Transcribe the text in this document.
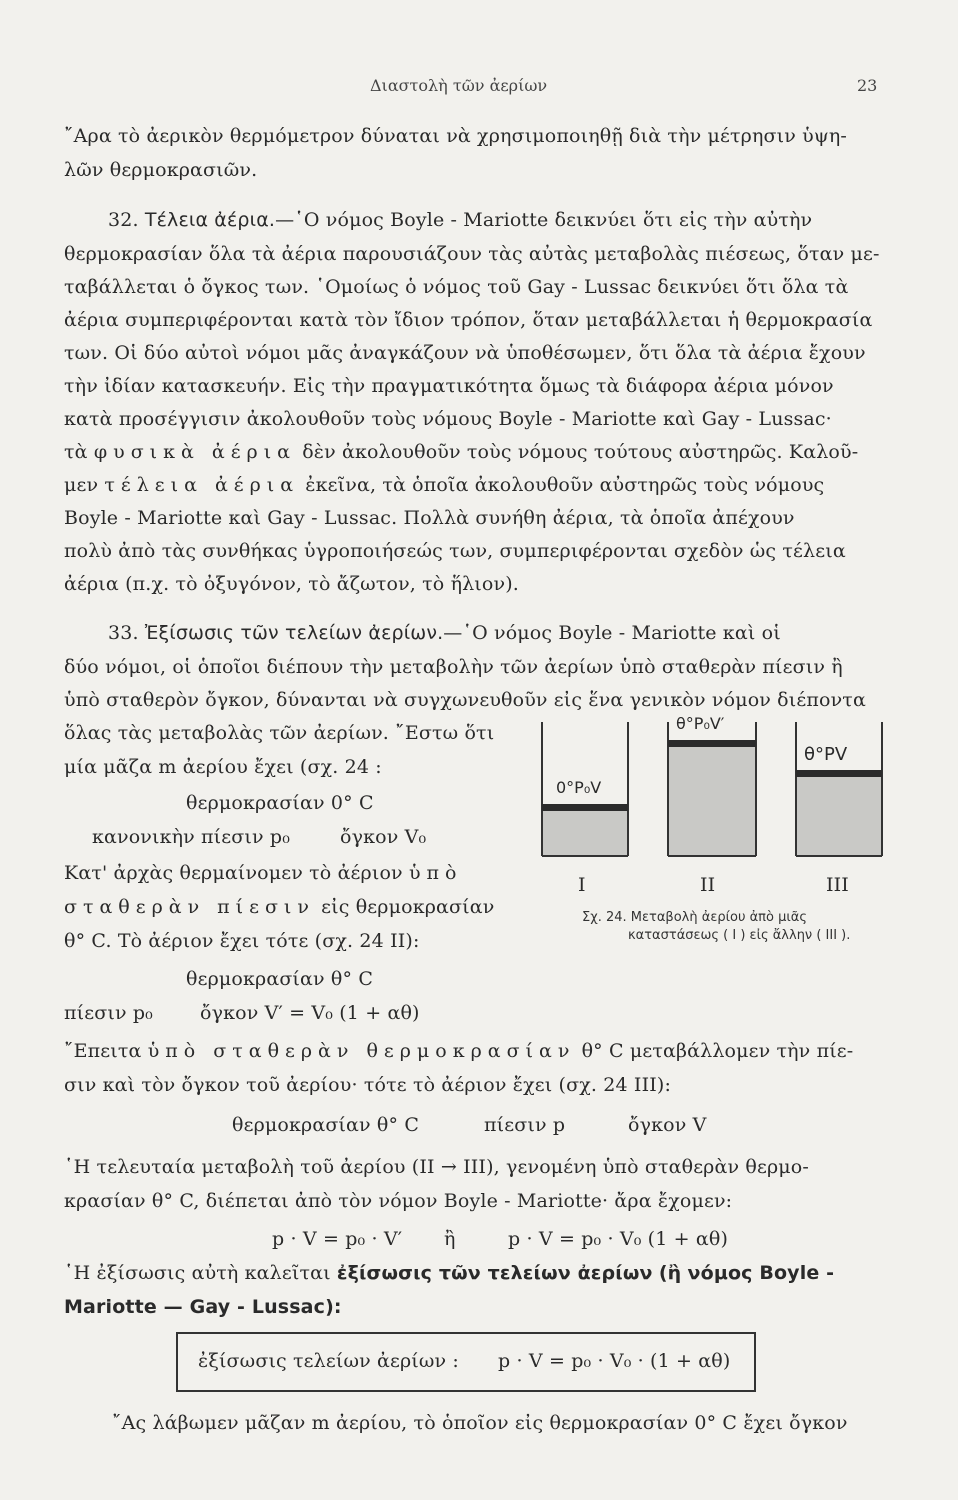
Διαστολὴ τῶν ἀερίων	23
῎Αρα τὸ ἀερικὸν θερμόμετρον δύναται νὰ χρησιμοποιηθῇ διὰ τὴν μέτρησιν ὑψη-
λῶν θερμοκρασιῶν.
32. Τέλεια ἀέρια.—῾Ο νόμος Boyle - Mariotte δεικνύει ὅτι εἰς τὴν αὐτὴν
θερμοκρασίαν ὅλα τὰ ἀέρια παρουσιάζουν τὰς αὐτὰς μεταβολὰς πιέσεως, ὅταν με-
ταβάλλεται ὁ ὄγκος των. ῾Ομοίως ὁ νόμος τοῦ Gay - Lussac δεικνύει ὅτι ὅλα τὰ
ἀέρια συμπεριφέρονται κατὰ τὸν ἴδιον τρόπον, ὅταν μεταβάλλεται ἡ θερμοκρασία
των. Οἱ δύο αὐτοὶ νόμοι μᾶς ἀναγκάζουν νὰ ὑποθέσωμεν, ὅτι ὅλα τὰ ἀέρια ἔχουν
τὴν ἰδίαν κατασκευήν. Εἰς τὴν πραγματικότητα ὅμως τὰ διάφορα ἀέρια μόνον
κατὰ προσέγγισιν ἀκολουθοῦν τοὺς νόμους Boyle - Mariotte καὶ Gay - Lussac·
τὰ φυσικὰ ἀέρια δὲν ἀκολουθοῦν τοὺς νόμους τούτους αὐστηρῶς. Καλοῦ-
μεν τέλεια ἀέρια ἐκεῖνα, τὰ ὁποῖα ἀκολουθοῦν αὐστηρῶς τοὺς νόμους
Boyle - Mariotte καὶ Gay - Lussac. Πολλὰ συνήθη ἀέρια, τὰ ὁποῖα ἀπέχουν
πολὺ ἀπὸ τὰς συνθήκας ὑγροποιήσεώς των, συμπεριφέρονται σχεδὸν ὡς τέλεια
ἀέρια (π.χ. τὸ ὀξυγόνον, τὸ ἄζωτον, τὸ ἥλιον).
33. Ἐξίσωσις τῶν τελείων ἀερίων.—῾Ο νόμος Boyle - Mariotte καὶ οἱ
δύο νόμοι, οἱ ὁποῖοι διέπουν τὴν μεταβολὴν τῶν ἀερίων ὑπὸ σταθερὰν πίεσιν ἢ
ὑπὸ σταθερὸν ὄγκον, δύνανται νὰ συγχωνευθοῦν εἰς ἕνα γενικὸν νόμον διέποντα
ὅλας τὰς μεταβολὰς τῶν ἀερίων. ῎Εστω ὅτι
μία μᾶζα m ἀερίου ἔχει (σχ. 24 :
θερμοκρασίαν 0° C
κανονικὴν πίεσιν p₀	ὄγκον V₀
Κατ' ἀρχὰς θερμαίνομεν τὸ ἀέριον ὑπὸ
σταθερὰν πίεσιν εἰς θερμοκρασίαν
θ° C. Τὸ ἀέριον ἔχει τότε (σχ. 24 II):
θερμοκρασίαν θ° C
πίεσιν p₀ ὄγκον V′ = V₀ (1 + αθ)
῎Επειτα ὑπὸ σταθερὰν θερμοκρασίαν θ° C μεταβάλλομεν τὴν πίε-
σιν καὶ τὸν ὄγκον τοῦ ἀερίου· τότε τὸ ἀέριον ἔχει (σχ. 24 III):
θερμοκρασίαν θ° C	πίεσιν p	ὄγκον V
῾Η τελευταία μεταβολὴ τοῦ ἀερίου (II → III), γενομένη ὑπὸ σταθερὰν θερμο-
κρασίαν θ° C, διέπεται ἀπὸ τὸν νόμον Boyle - Mariotte· ἄρα ἔχομεν:
p · V = p₀ · V′ ἢ	p · V = p₀ · V₀ (1 + αθ)
῾Η ἐξίσωσις αὐτὴ καλεῖται ἐξίσωσις τῶν τελείων ἀερίων (ἢ νόμος Boyle -
ἐξίσωσις τελείων ἀερίων : p · V = p₀ · V₀ · (1 + αθ)
῎Ας λάβωμεν μᾶζαν m ἀερίου, τὸ ὁποῖον εἰς θερμοκρασίαν 0° C ἔχει ὄγκον
Mariotte — Gay - Lussac):
0°P₀V
θ°P₀V′
θ°PV
I	II	III
Σχ. 24. Μεταβολὴ ἀερίου ἀπὸ μιᾶς
καταστάσεως ( I ) εἰς ἄλλην ( III ).
